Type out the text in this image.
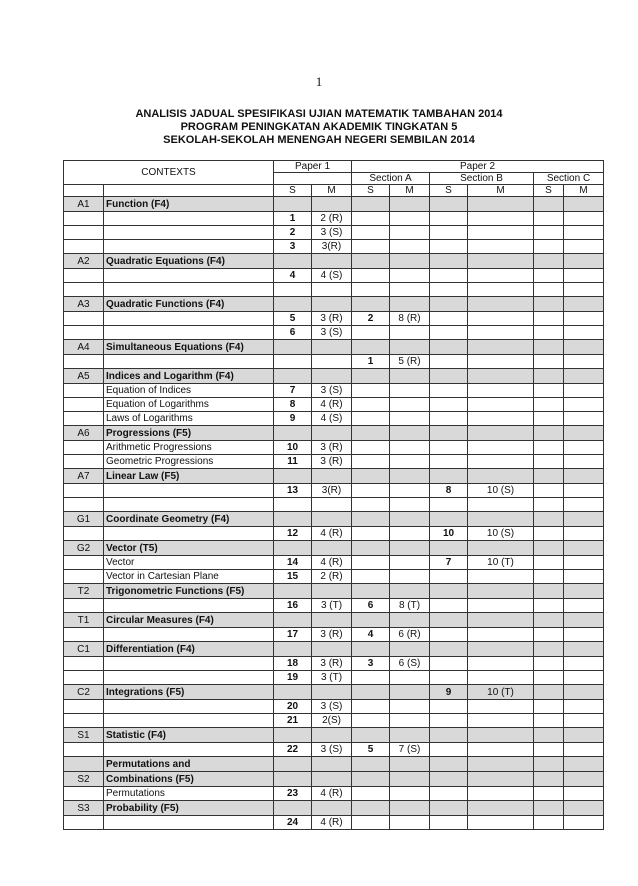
1
ANALISIS JADUAL SPESIFIKASI UJIAN MATEMATIK TAMBAHAN 2014
PROGRAM PENINGKATAN AKADEMIK TINGKATAN 5
SEKOLAH-SEKOLAH MENENGAH NEGERI SEMBILAN 2014
CONTEXTS		Paper 1		Paper 2					
				Section A		Section B		Section C	
		S	M	S	M	S	M	S	M
A1	Function (F4)								
		1	2 (R)						
		2	3 (S)						
		3	3(R)						
A2	Quadratic Equations (F4)								
		4	4 (S)						

A3	Quadratic Functions (F4)								
		5	3 (R)	2	8 (R)				
		6	3 (S)						
A4	Simultaneous Equations (F4)								
				1	5 (R)				
A5	Indices and Logarithm (F4)								
	Equation of Indices	7	3 (S)						
	Equation of Logarithms	8	4 (R)						
	Laws of Logarithms	9	4 (S)						
A6	Progressions (F5)								
	Arithmetic Progressions	10	3 (R)						
	Geometric Progressions	11	3 (R)						
A7	Linear Law (F5)								
		13	3(R)			8	10 (S)		

G1	Coordinate Geometry (F4)								
		12	4 (R)			10	10 (S)		
G2	Vector (T5)								
	Vector	14	4 (R)			7	10 (T)		
	Vector in Cartesian Plane	15	2 (R)						
T2	Trigonometric Functions (F5)								
		16	3 (T)	6	8 (T)				
T1	Circular Measures (F4)								
		17	3 (R)	4	6 (R)				
C1	Differentiation (F4)								
		18	3 (R)	3	6 (S)				
		19	3 (T)						
C2	Integrations (F5)					9	10 (T)		
		20	3 (S)						
		21	2(S)						
S1	Statistic (F4)								
		22	3 (S)	5	7 (S)				
	Permutations and								
S2	Combinations (F5)								
	Permutations	23	4 (R)						
S3	Probability (F5)								
		24	4 (R)						
